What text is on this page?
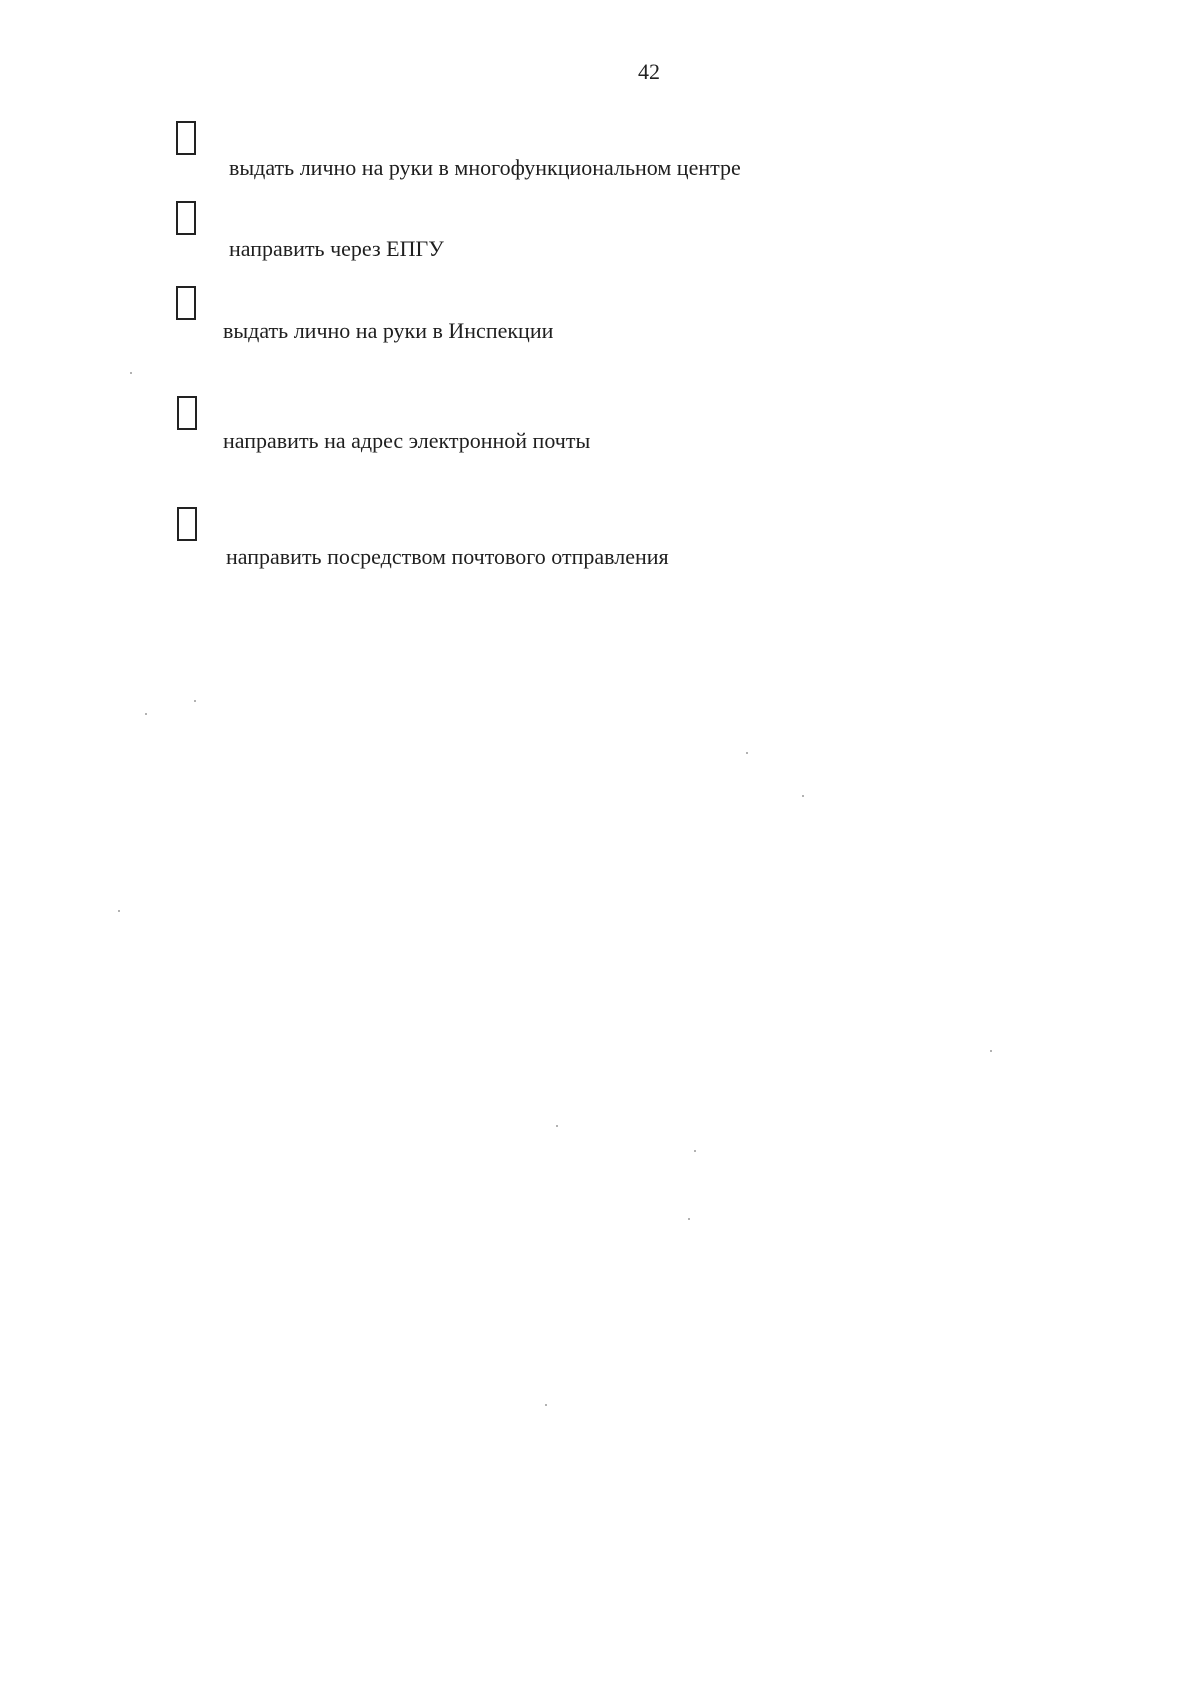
42
выдать лично на руки в многофункциональном центре
направить через ЕПГУ
выдать лично на руки в Инспекции
направить на адрес электронной почты
направить посредством почтового отправления
